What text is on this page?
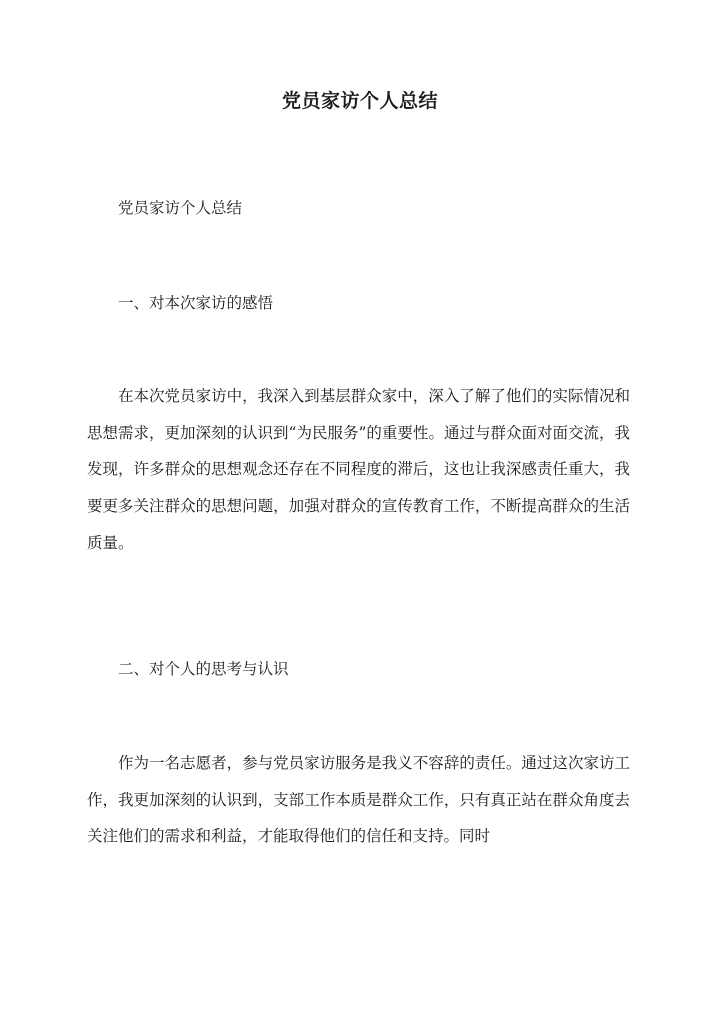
党员家访个人总结

党员家访个人总结

一、对本次家访的感悟

在本次党员家访中，我深入到基层群众家中，深入了解了他们的实际情况和思想需求，更加深刻的认识到“为民服务”的重要性。通过与群众面对面交流，我发现，许多群众的思想观念还存在不同程度的滞后，这也让我深感责任重大，我要更多关注群众的思想问题，加强对群众的宣传教育工作，不断提高群众的生活质量。

二、对个人的思考与认识

作为一名志愿者，参与党员家访服务是我义不容辞的责任。通过这次家访工作，我更加深刻的认识到，支部工作本质是群众工作，只有真正站在群众角度去关注他们的需求和利益，才能取得他们的信任和支持。同时
